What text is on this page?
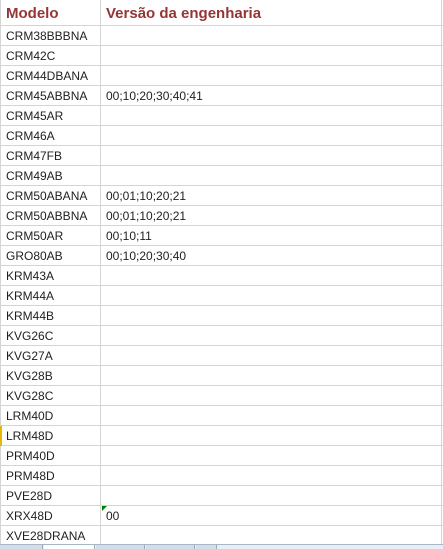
Modelo	Versão da engenharia
CRM38BBBNA
CRM42C
CRM44DBANA
CRM45ABBNA	00;10;20;30;40;41
CRM45AR
CRM46A
CRM47FB
CRM49AB
CRM50ABANA	00;01;10;20;21
CRM50ABBNA	00;01;10;20;21
CRM50AR	00;10;11
GRO80AB	00;10;20;30;40
KRM43A
KRM44A
KRM44B
KVG26C
KVG27A
KVG28B
KVG28C
LRM40D
LRM48D
PRM40D
PRM48D
PVE28D
XRX48D	00
XVE28DRANA
